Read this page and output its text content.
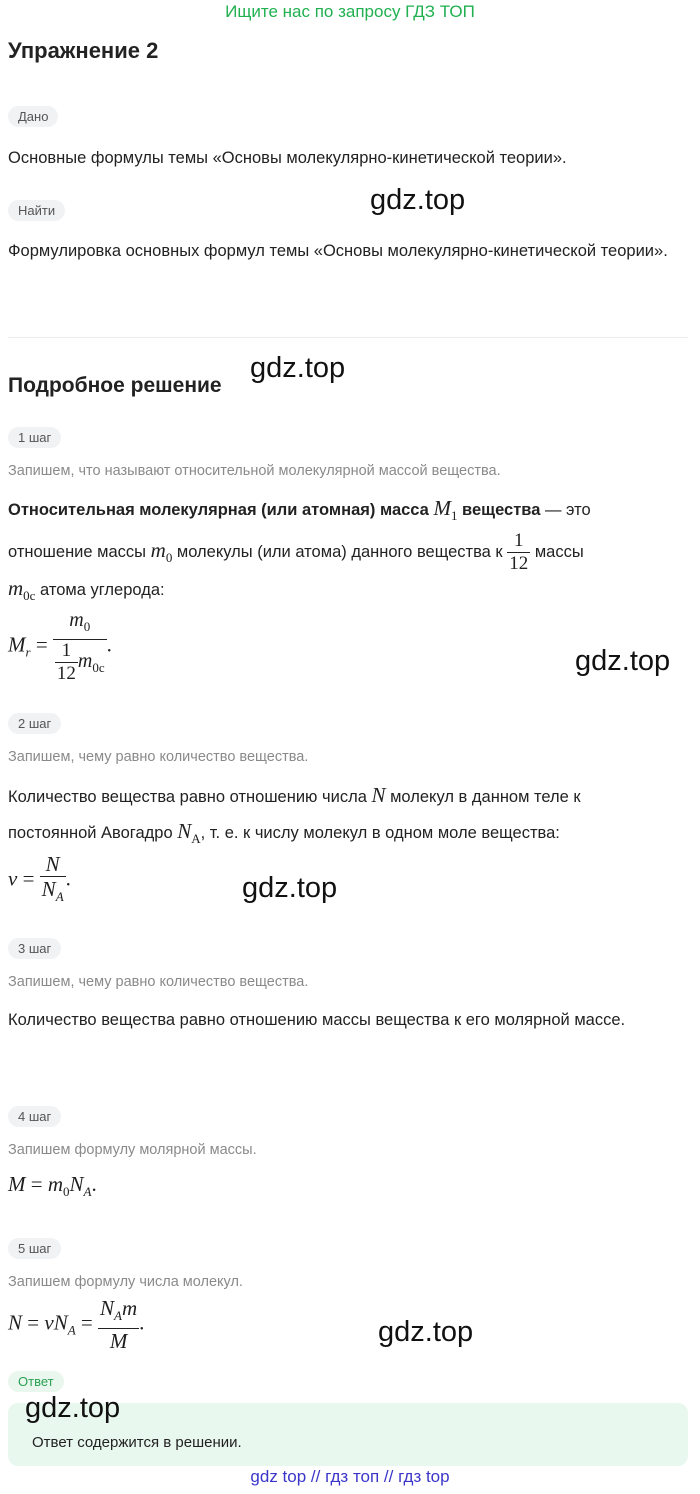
Ищите нас по запросу ГДЗ ТОП
Упражнение 2
Дано
Основные формулы темы «Основы молекулярно-кинетической теории».
Найти
Формулировка основных формул темы «Основы молекулярно-кинетической теории».
Подробное решение
1 шаг
Запишем, что называют относительной молекулярной массой вещества.
Относительная молекулярная (или атомная) масса $M_1$ вещества — это
отношение массы $m_0$ молекулы (или атома) данного вещества к $\frac{1}{12}$ массы
$m_{0c}$ атома углерода:
$M_r = \frac{m_0}{\frac{1}{12} m_{0c}}$ .
2 шаг
Запишем, чему равно количество вещества.
Количество вещества равно отношению числа N молекул в данном теле к
постоянной Авогадро $N_A$, т. е. к числу молекул в одном моле вещества:
$\nu = \frac{N}{N_A}$ .
3 шаг
Запишем, чему равно количество вещества.
Количество вещества равно отношению массы вещества к его молярной массе.
4 шаг
Запишем формулу молярной массы.
$M = m_0N_A$.
5 шаг
Запишем формулу числа молекул.
$N = \nu N_A = \frac{N_Am}{M}$ .
Ответ
Ответ содержится в решении.
gdz.top
gdz.top
gdz.top
gdz.top
gdz.top
gdz.top
gdz top // гдз топ // гдз top
